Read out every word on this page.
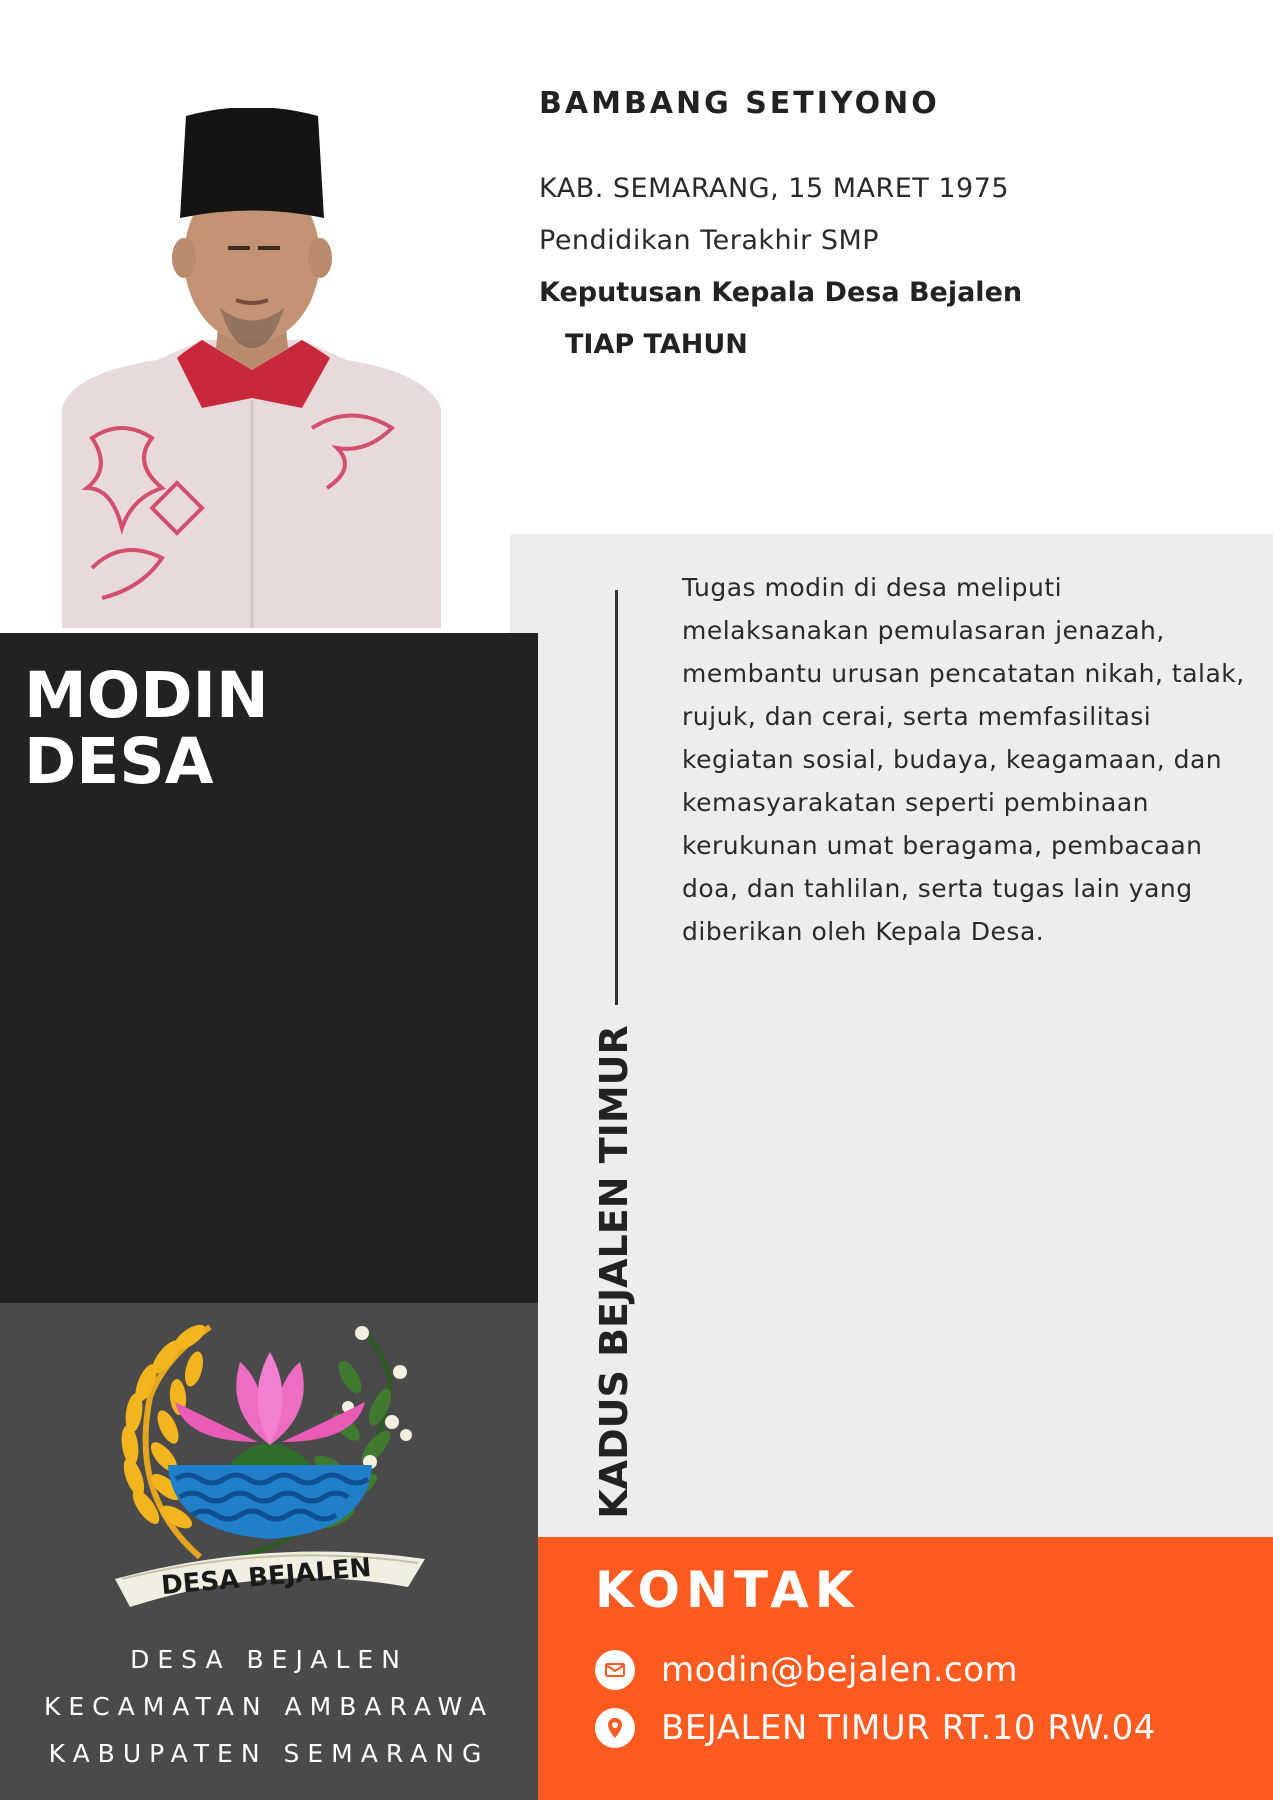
BAMBANG SETIYONO
KAB. SEMARANG, 15 MARET 1975
Pendidikan Terakhir SMP
Keputusan Kepala Desa Bejalen
TIAP TAHUN
KADUS BEJALEN TIMUR
Tugas modin di desa meliputi melaksanakan pemulasaran jenazah, membantu urusan pencatatan nikah, talak, rujuk, dan cerai, serta memfasilitasi kegiatan sosial, budaya, keagamaan, dan kemasyarakatan seperti pembinaan kerukunan umat beragama, pembacaan doa, dan tahlilan, serta tugas lain yang diberikan oleh Kepala Desa.
MODIN
DESA
DESA BEJALEN
DESA BEJALEN
KECAMATAN AMBARAWA
KABUPATEN SEMARANG
KONTAK
modin@bejalen.com
BEJALEN TIMUR RT.10 RW.04
